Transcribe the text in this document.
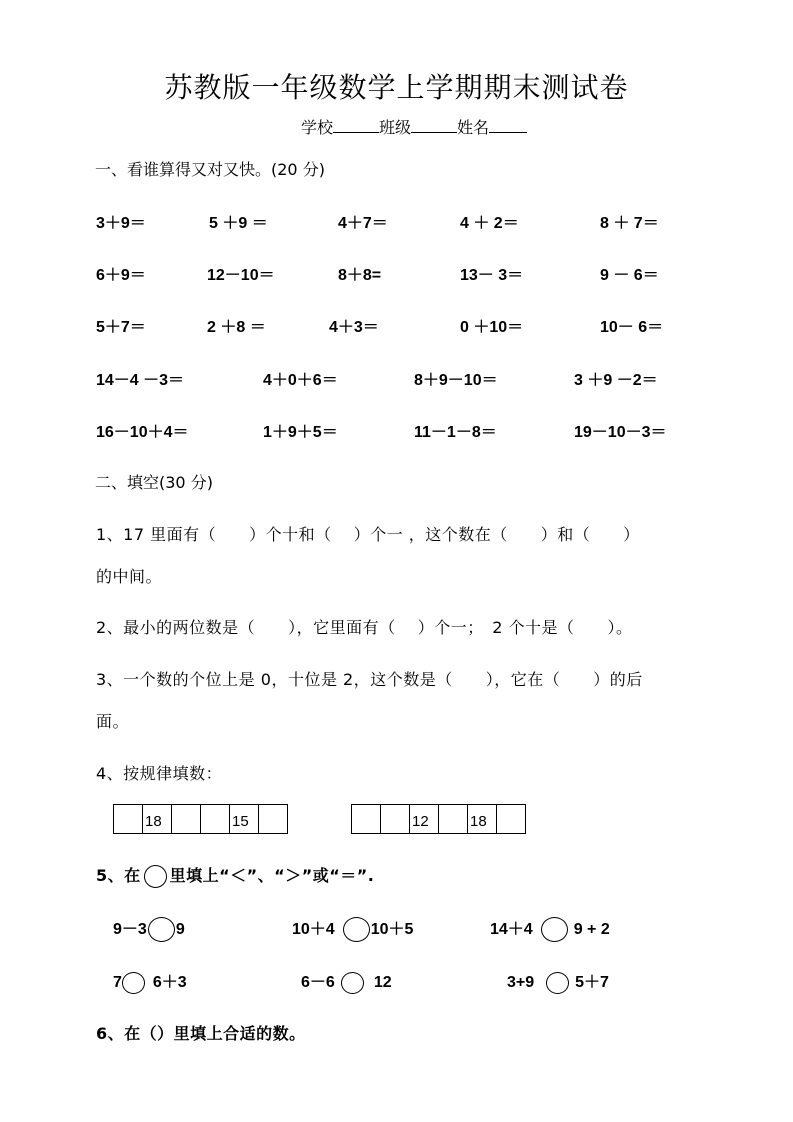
苏教版一年级数学上学期期末测试卷
学校	班级	姓名
一、看谁算得又对又快。(20 分)
3＋9＝	5 ＋9 ＝	4＋7＝	4 ＋ 2＝	8 ＋ 7＝
6＋9＝	12－10＝	8＋8=	13－ 3＝	9 － 6＝
5＋7＝	2 ＋8 ＝	4＋3＝	0 ＋10＝	10－ 6＝
14－4 －3＝	4＋0＋6＝	8＋9－10＝	3 ＋9 －2＝
16－10＋4＝	1＋9＋5＝	11－1－8＝	19－10－3＝
二、填空(30 分)
1、17 里面有（　　）个十和（　 ）个一 ，这个数在（　　）和（　　）
的中间。
2、最小的两位数是（　　），它里面有（　 ）个一；　2 个十是（　　）。
3、一个数的个位上是 0，十位是 2，这个数是（　　），它在（　　）的后
面。
4、按规律填数：
18	15	12	18
5、在 里填上“＜”、“＞”或“＝”.
9－3 9	10＋4 10＋5	14＋4	9 + 2
7 6＋3	6－6 12	3+9	5＋7
6、在（）里填上合适的数。
